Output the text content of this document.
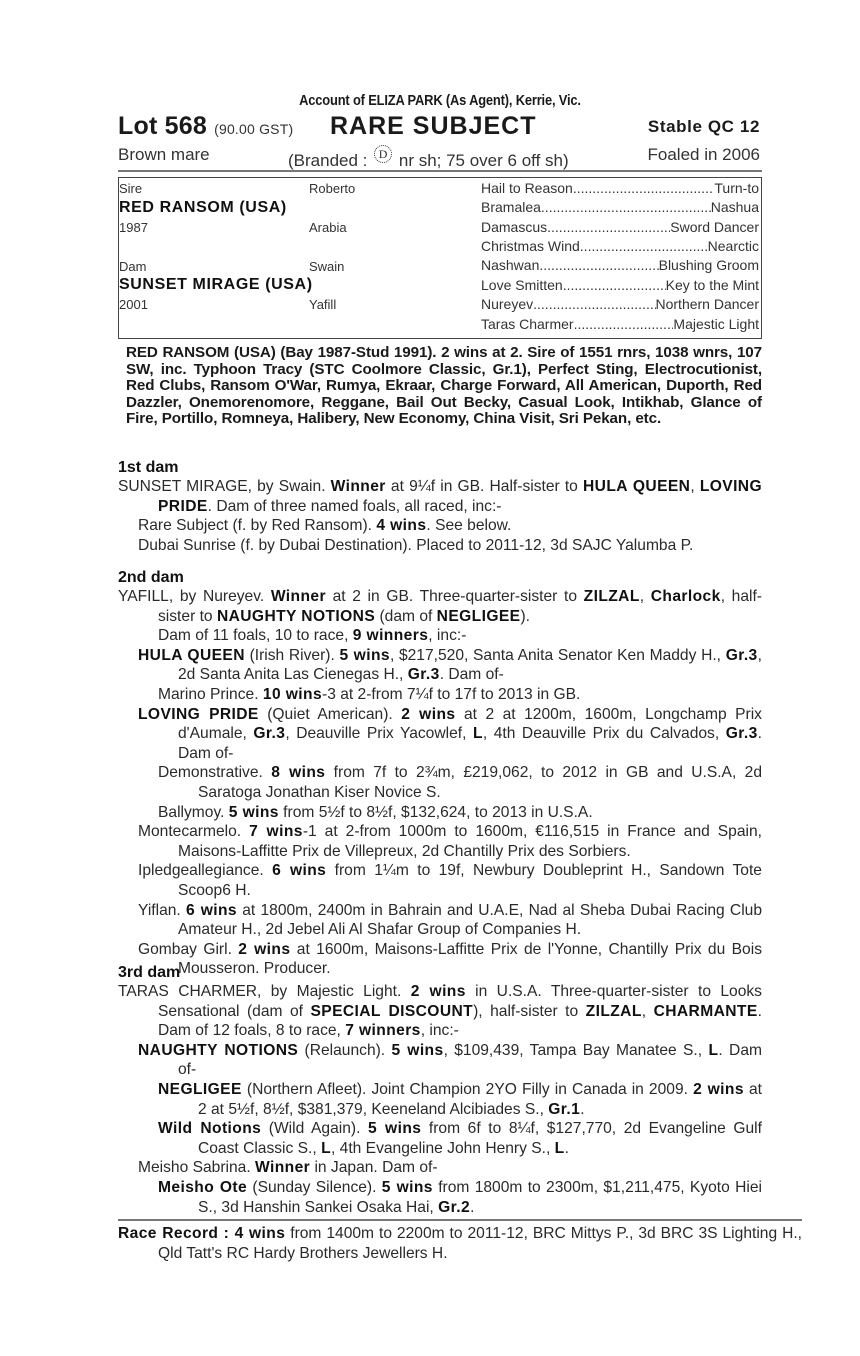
Account of ELIZA PARK (As Agent), Kerrie, Vic.
Lot 568 (90.00 GST) RARE SUBJECT	Stable QC 12
Brown mare	(Branded : D nr sh; 75 over 6 off sh)	Foaled in 2006
Sire	Roberto
RED RANSOM (USA)
1987	Arabia
Dam	Swain
SUNSET MIRAGE (USA)
2001	Yafill
Hail to Reason .....	Turn-to
Bramalea .....	Nashua
Damascus .....	Sword Dancer
Christmas Wind .....	Nearctic
Nashwan .....	Blushing Groom
Love Smitten .....	Key to the Mint
Nureyev .....	Northern Dancer
Taras Charmer .....	Majestic Light
RED RANSOM (USA) (Bay 1987-Stud 1991). 2 wins at 2. Sire of 1551 rnrs, 1038 wnrs, 107 SW, inc. Typhoon Tracy (STC Coolmore Classic, Gr.1), Perfect Sting, Electrocutionist, Red Clubs, Ransom O'War, Rumya, Ekraar, Charge Forward, All American, Duporth, Red Dazzler, Onemorenomore, Reggane, Bail Out Becky, Casual Look, Intikhab, Glance of Fire, Portillo, Romneya, Halibery, New Economy, China Visit, Sri Pekan, etc.
1st dam
SUNSET MIRAGE, by Swain. Winner at 9¼f in GB. Half-sister to HULA QUEEN, LOVING PRIDE. Dam of three named foals, all raced, inc:-
Rare Subject (f. by Red Ransom). 4 wins. See below.
Dubai Sunrise (f. by Dubai Destination). Placed to 2011-12, 3d SAJC Yalumba P.
2nd dam
YAFILL, by Nureyev. Winner at 2 in GB. Three-quarter-sister to ZILZAL, Charlock, half-sister to NAUGHTY NOTIONS (dam of NEGLIGEE).
Dam of 11 foals, 10 to race, 9 winners, inc:-
HULA QUEEN (Irish River). 5 wins, $217,520, Santa Anita Senator Ken Maddy H., Gr.3, 2d Santa Anita Las Cienegas H., Gr.3. Dam of-
Marino Prince. 10 wins-3 at 2-from 7¼f to 17f to 2013 in GB.
LOVING PRIDE (Quiet American). 2 wins at 2 at 1200m, 1600m, Longchamp Prix d'Aumale, Gr.3, Deauville Prix Yacowlef, L, 4th Deauville Prix du Calvados, Gr.3. Dam of-
Demonstrative. 8 wins from 7f to 2¾m, £219,062, to 2012 in GB and U.S.A, 2d Saratoga Jonathan Kiser Novice S.
Ballymoy. 5 wins from 5½f to 8½f, $132,624, to 2013 in U.S.A.
Montecarmelo. 7 wins-1 at 2-from 1000m to 1600m, €116,515 in France and Spain, Maisons-Laffitte Prix de Villepreux, 2d Chantilly Prix des Sorbiers.
Ipledgeallegiance. 6 wins from 1¼m to 19f, Newbury Doubleprint H., Sandown Tote Scoop6 H.
Yiflan. 6 wins at 1800m, 2400m in Bahrain and U.A.E, Nad al Sheba Dubai Racing Club Amateur H., 2d Jebel Ali Al Shafar Group of Companies H.
Gombay Girl. 2 wins at 1600m, Maisons-Laffitte Prix de l'Yonne, Chantilly Prix du Bois Mousseron. Producer.
3rd dam
TARAS CHARMER, by Majestic Light. 2 wins in U.S.A. Three-quarter-sister to Looks Sensational (dam of SPECIAL DISCOUNT), half-sister to ZILZAL, CHARMANTE. Dam of 12 foals, 8 to race, 7 winners, inc:-
NAUGHTY NOTIONS (Relaunch). 5 wins, $109,439, Tampa Bay Manatee S., L. Dam of-
NEGLIGEE (Northern Afleet). Joint Champion 2YO Filly in Canada in 2009. 2 wins at 2 at 5½f, 8½f, $381,379, Keeneland Alcibiades S., Gr.1.
Wild Notions (Wild Again). 5 wins from 6f to 8¼f, $127,770, 2d Evangeline Gulf Coast Classic S., L, 4th Evangeline John Henry S., L.
Meisho Sabrina. Winner in Japan. Dam of-
Meisho Ote (Sunday Silence). 5 wins from 1800m to 2300m, $1,211,475, Kyoto Hiei S., 3d Hanshin Sankei Osaka Hai, Gr.2.
Race Record : 4 wins from 1400m to 2200m to 2011-12, BRC Mittys P., 3d BRC 3S Lighting H., Qld Tatt's RC Hardy Brothers Jewellers H.
